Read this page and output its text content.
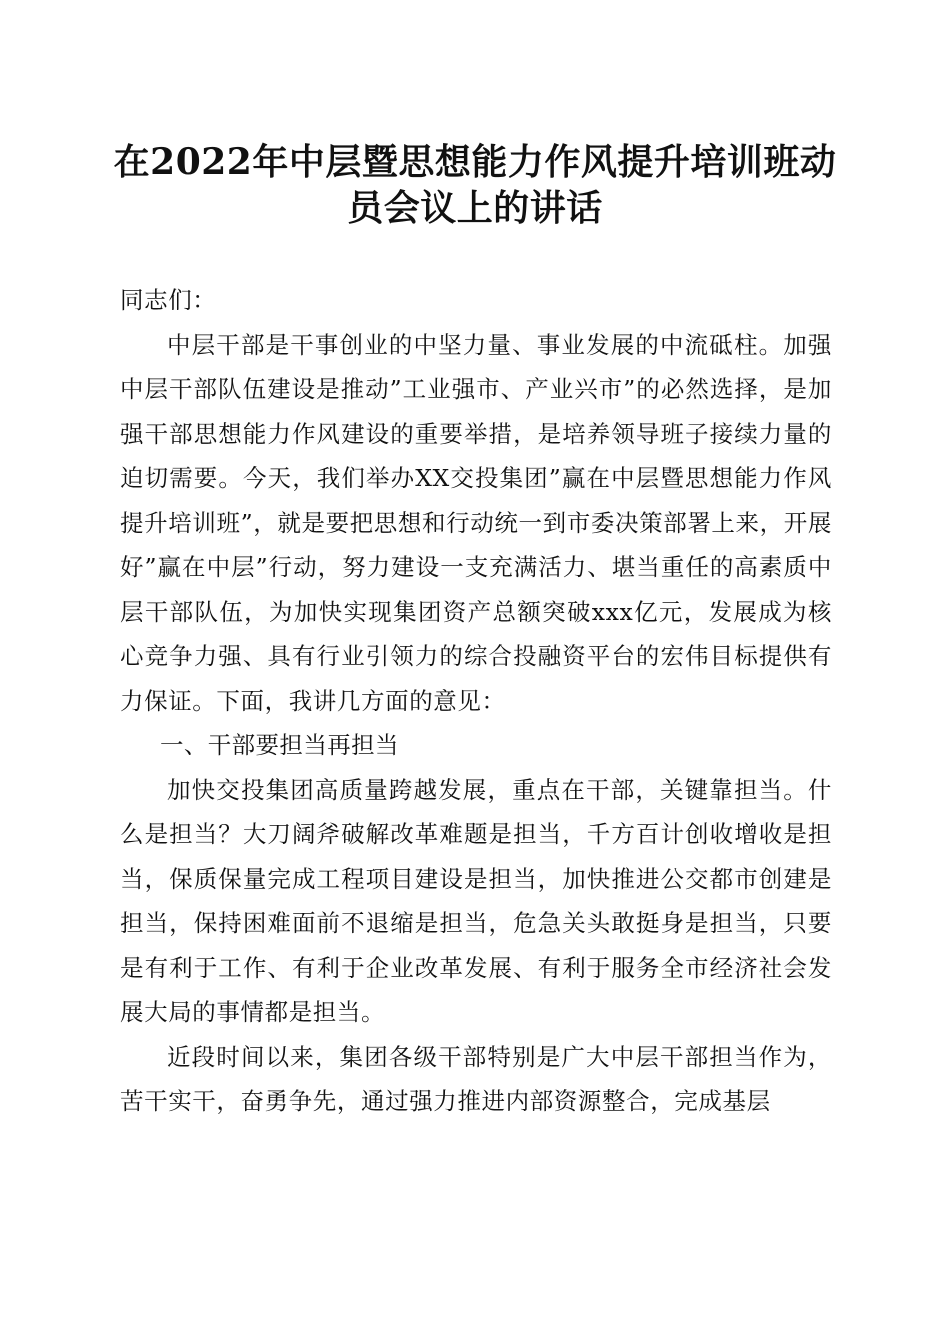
在2022年中层暨思想能力作风提升培训班动
员会议上的讲话

同志们：

中层干部是干事创业的中坚力量、事业发展的中流砥柱。加强中层干部队伍建设是推动”工业强市、产业兴市”的必然选择，是加强干部思想能力作风建设的重要举措，是培养领导班子接续力量的迫切需要。今天，我们举办XX交投集团”赢在中层暨思想能力作风提升培训班”，就是要把思想和行动统一到市委决策部署上来，开展好”赢在中层”行动，努力建设一支充满活力、堪当重任的高素质中层干部队伍，为加快实现集团资产总额突破xxx亿元，发展成为核心竞争力强、具有行业引领力的综合投融资平台的宏伟目标提供有力保证。下面，我讲几方面的意见：

一、干部要担当再担当

加快交投集团高质量跨越发展，重点在干部，关键靠担当。什么是担当？大刀阔斧破解改革难题是担当，千方百计创收增收是担当，保质保量完成工程项目建设是担当，加快推进公交都市创建是担当，保持困难面前不退缩是担当，危急关头敢挺身是担当，只要是有利于工作、有利于企业改革发展、有利于服务全市经济社会发展大局的事情都是担当。

近段时间以来，集团各级干部特别是广大中层干部担当作为，苦干实干，奋勇争先，通过强力推进内部资源整合，完成基层
